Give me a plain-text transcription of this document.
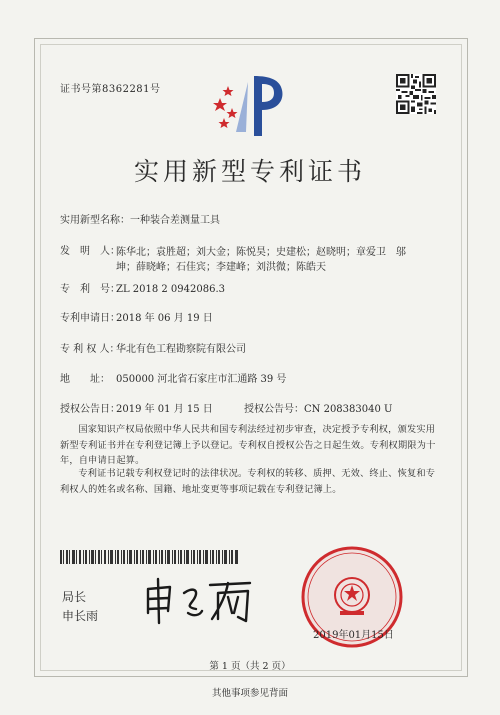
证书号第8362281号
实用新型专利证书
实用新型名称：一种装合差测量工具
发　明　人：
陈华北；袁胜超；刘大金；陈悦昊；史建松；赵晓明；章爱卫　邬坤；薛晓峰；石佳宾；李建峰；刘洪微；陈皓天
专　利　号：ZL 2018 2 0942086.3
专利申请日：2018 年 06 月 19 日
专 利 权 人：华北有色工程勘察院有限公司
地　　址： 050000 河北省石家庄市汇通路 39 号
授权公告日：2019 年 01 月 15 日	授权公告号：CN 208383040 U
国家知识产权局依照中华人民共和国专利法经过初步审查，决定授予专利权，颁发实用新型专利证书并在专利登记簿上予以登记。专利权自授权公告之日起生效。专利权期限为十年，自申请日起算。
专利证书记载专利权登记时的法律状况。专利权的转移、质押、无效、终止、恢复和专利权人的姓名或名称、国籍、地址变更等事项记载在专利登记簿上。
局长
申长雨
2019年01月15日
第 1 页（共 2 页）
其他事项参见背面
